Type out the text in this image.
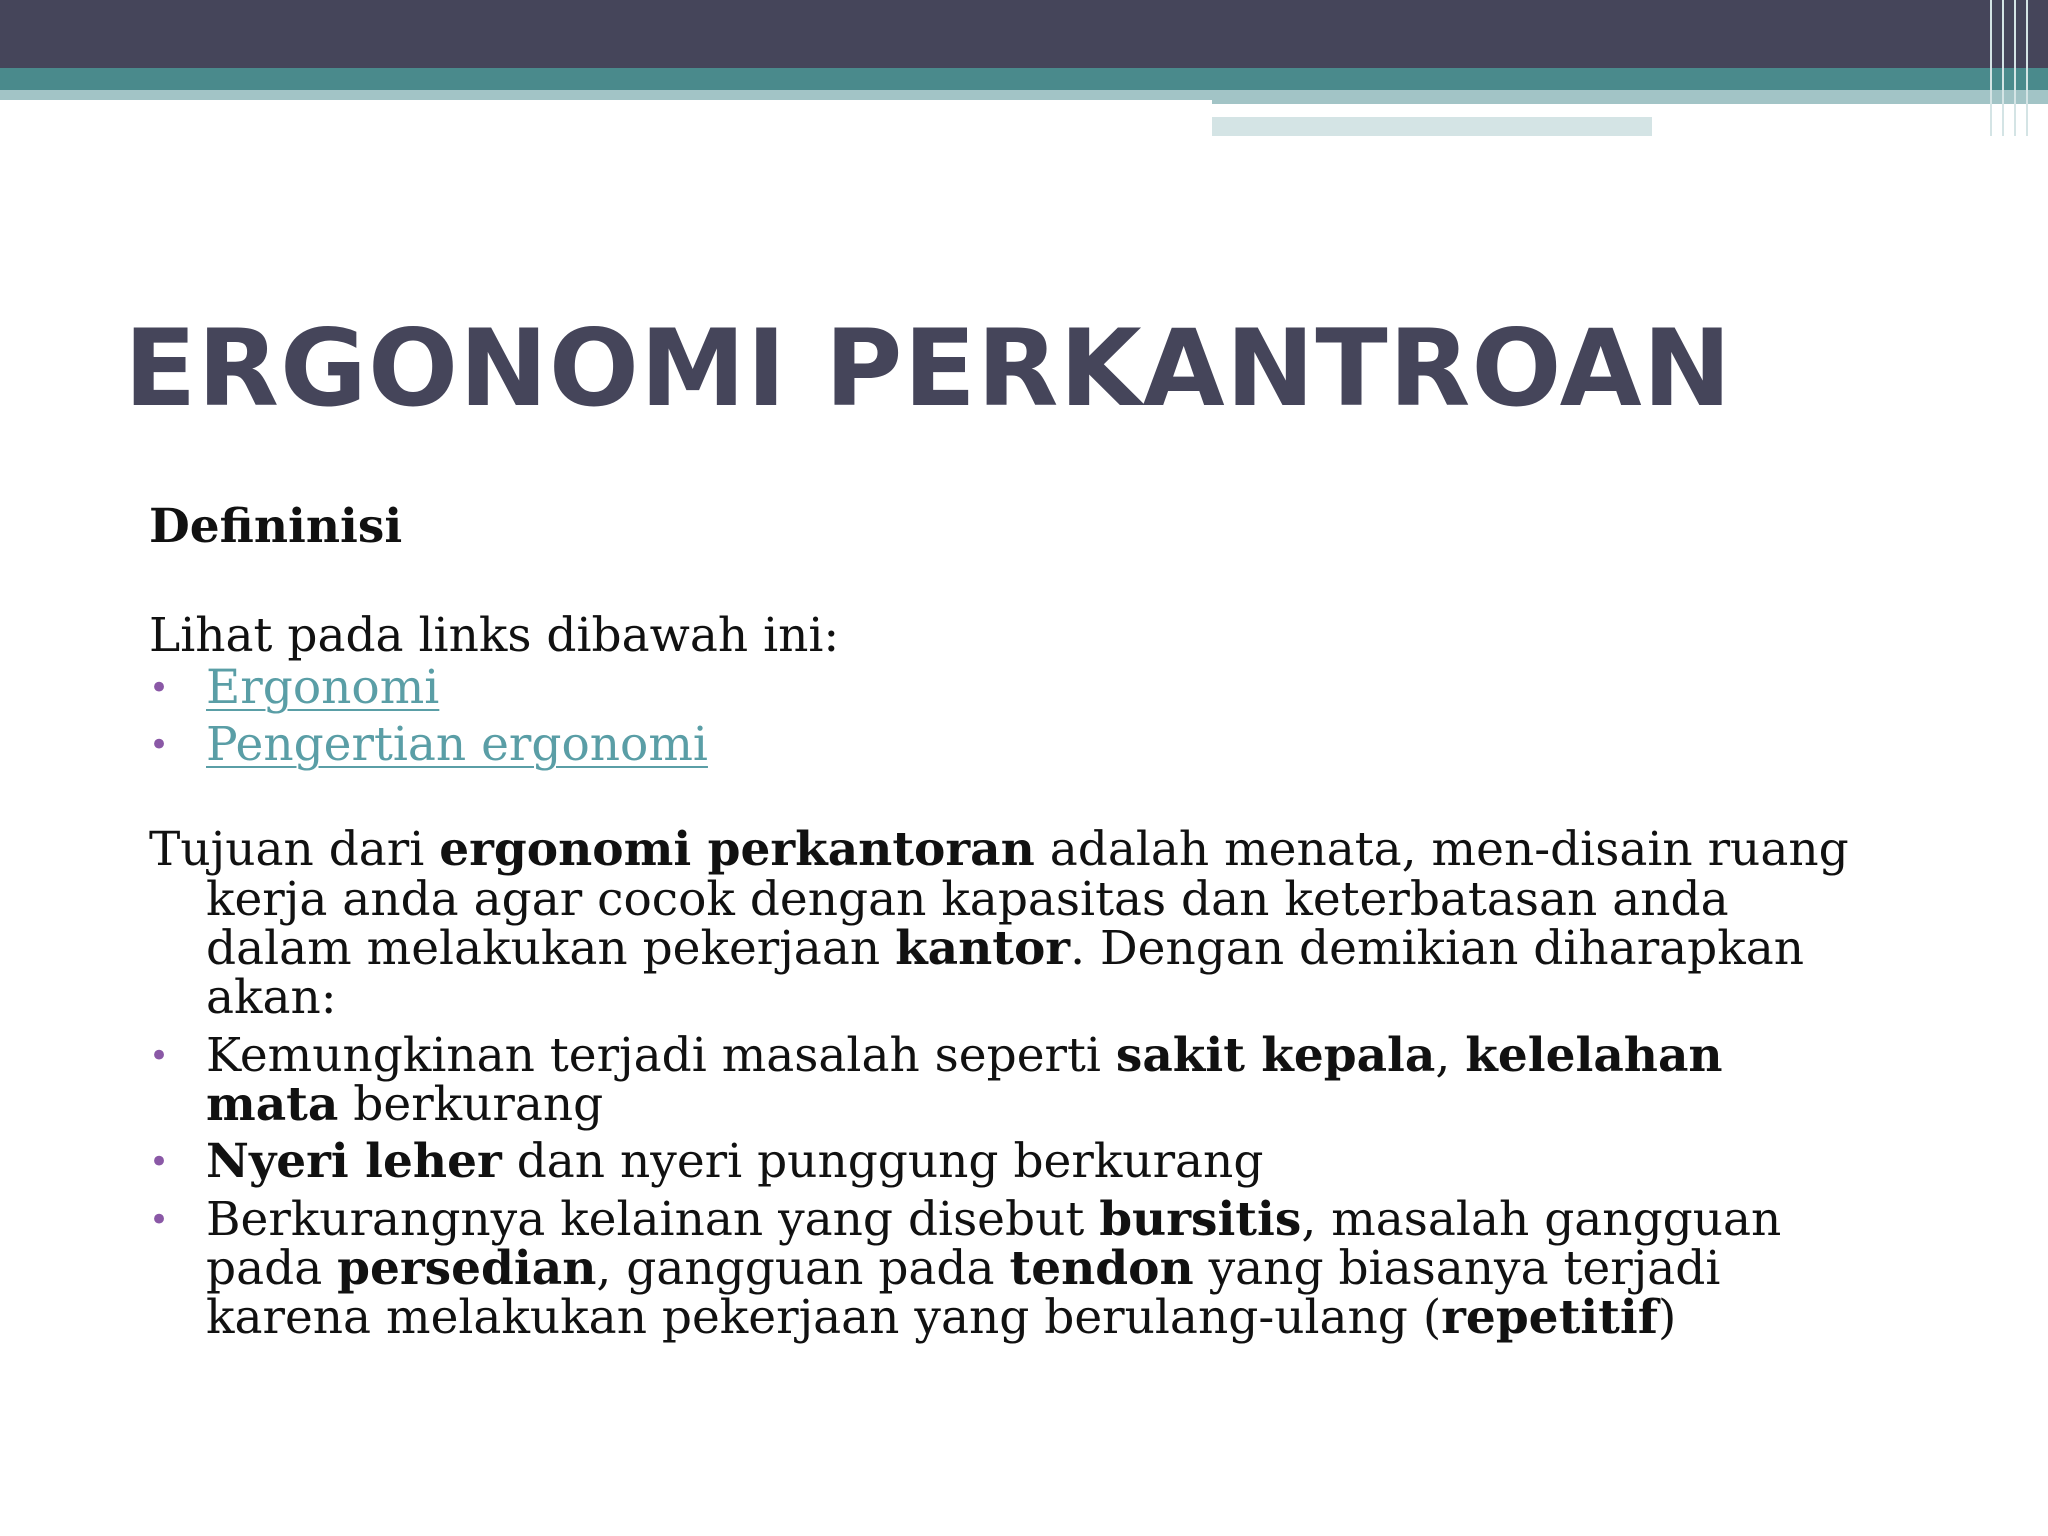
ERGONOMI PERKANTROAN

Defininisi

Lihat pada links dibawah ini:

• Ergonomi
• Pengertian ergonomi

Tujuan dari ergonomi perkantoran adalah menata, men-disain ruang kerja anda agar cocok dengan kapasitas dan keterbatasan anda dalam melakukan pekerjaan kantor. Dengan demikian diharapkan akan:

• Kemungkinan terjadi masalah seperti sakit kepala, kelelahan mata berkurang
• Nyeri leher dan nyeri punggung berkurang
• Berkurangnya kelainan yang disebut bursitis, masalah gangguan pada persedian, gangguan pada tendon yang biasanya terjadi karena melakukan pekerjaan yang berulang-ulang (repetitif)
